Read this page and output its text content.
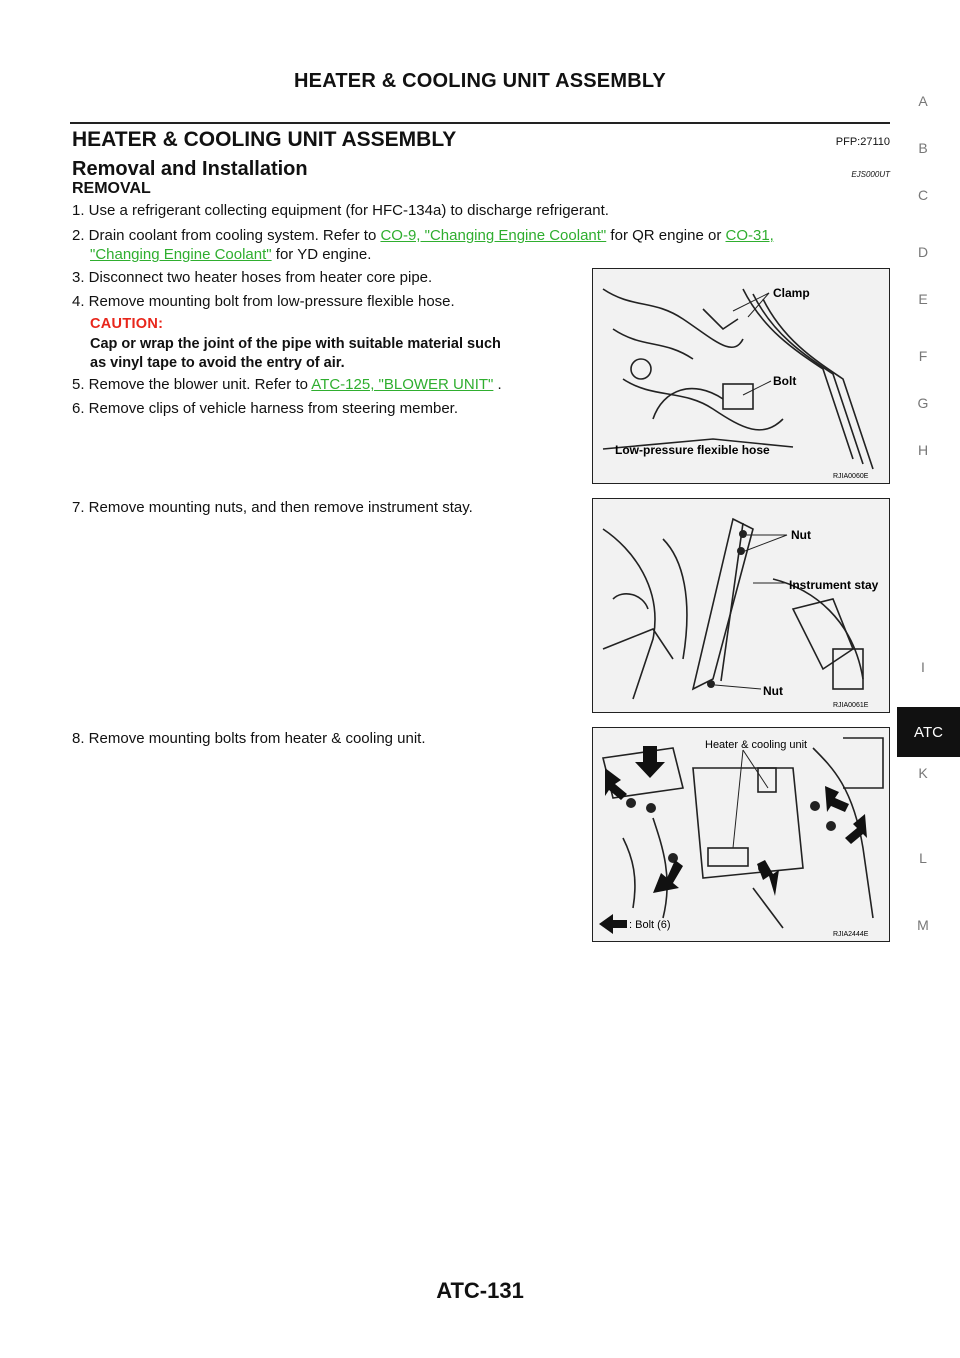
HEATER & COOLING UNIT ASSEMBLY
HEATER & COOLING UNIT ASSEMBLY	PFP:27110
Removal and Installation	EJS000UT
REMOVAL
1. Use a refrigerant collecting equipment (for HFC-134a) to discharge refrigerant.
2. Drain coolant from cooling system. Refer to CO-9, "Changing Engine Coolant" for QR engine or CO-31,
"Changing Engine Coolant" for YD engine.
3. Disconnect two heater hoses from heater core pipe.
4. Remove mounting bolt from low-pressure flexible hose.
CAUTION:
Cap or wrap the joint of the pipe with suitable material such
as vinyl tape to avoid the entry of air.
5. Remove the blower unit. Refer to ATC-125, "BLOWER UNIT" .
6. Remove clips of vehicle harness from steering member.
7. Remove mounting nuts, and then remove instrument stay.
8. Remove mounting bolts from heater & cooling unit.
Clamp
Bolt
Low-pressure flexible hose
RJIA0060E
Nut
Instrument stay
Nut
RJIA0061E
Heater & cooling unit
: Bolt (6)
RJIA2444E
A
B
C
D
E
F
G
H
I
ATC
K
L
M
ATC-131
